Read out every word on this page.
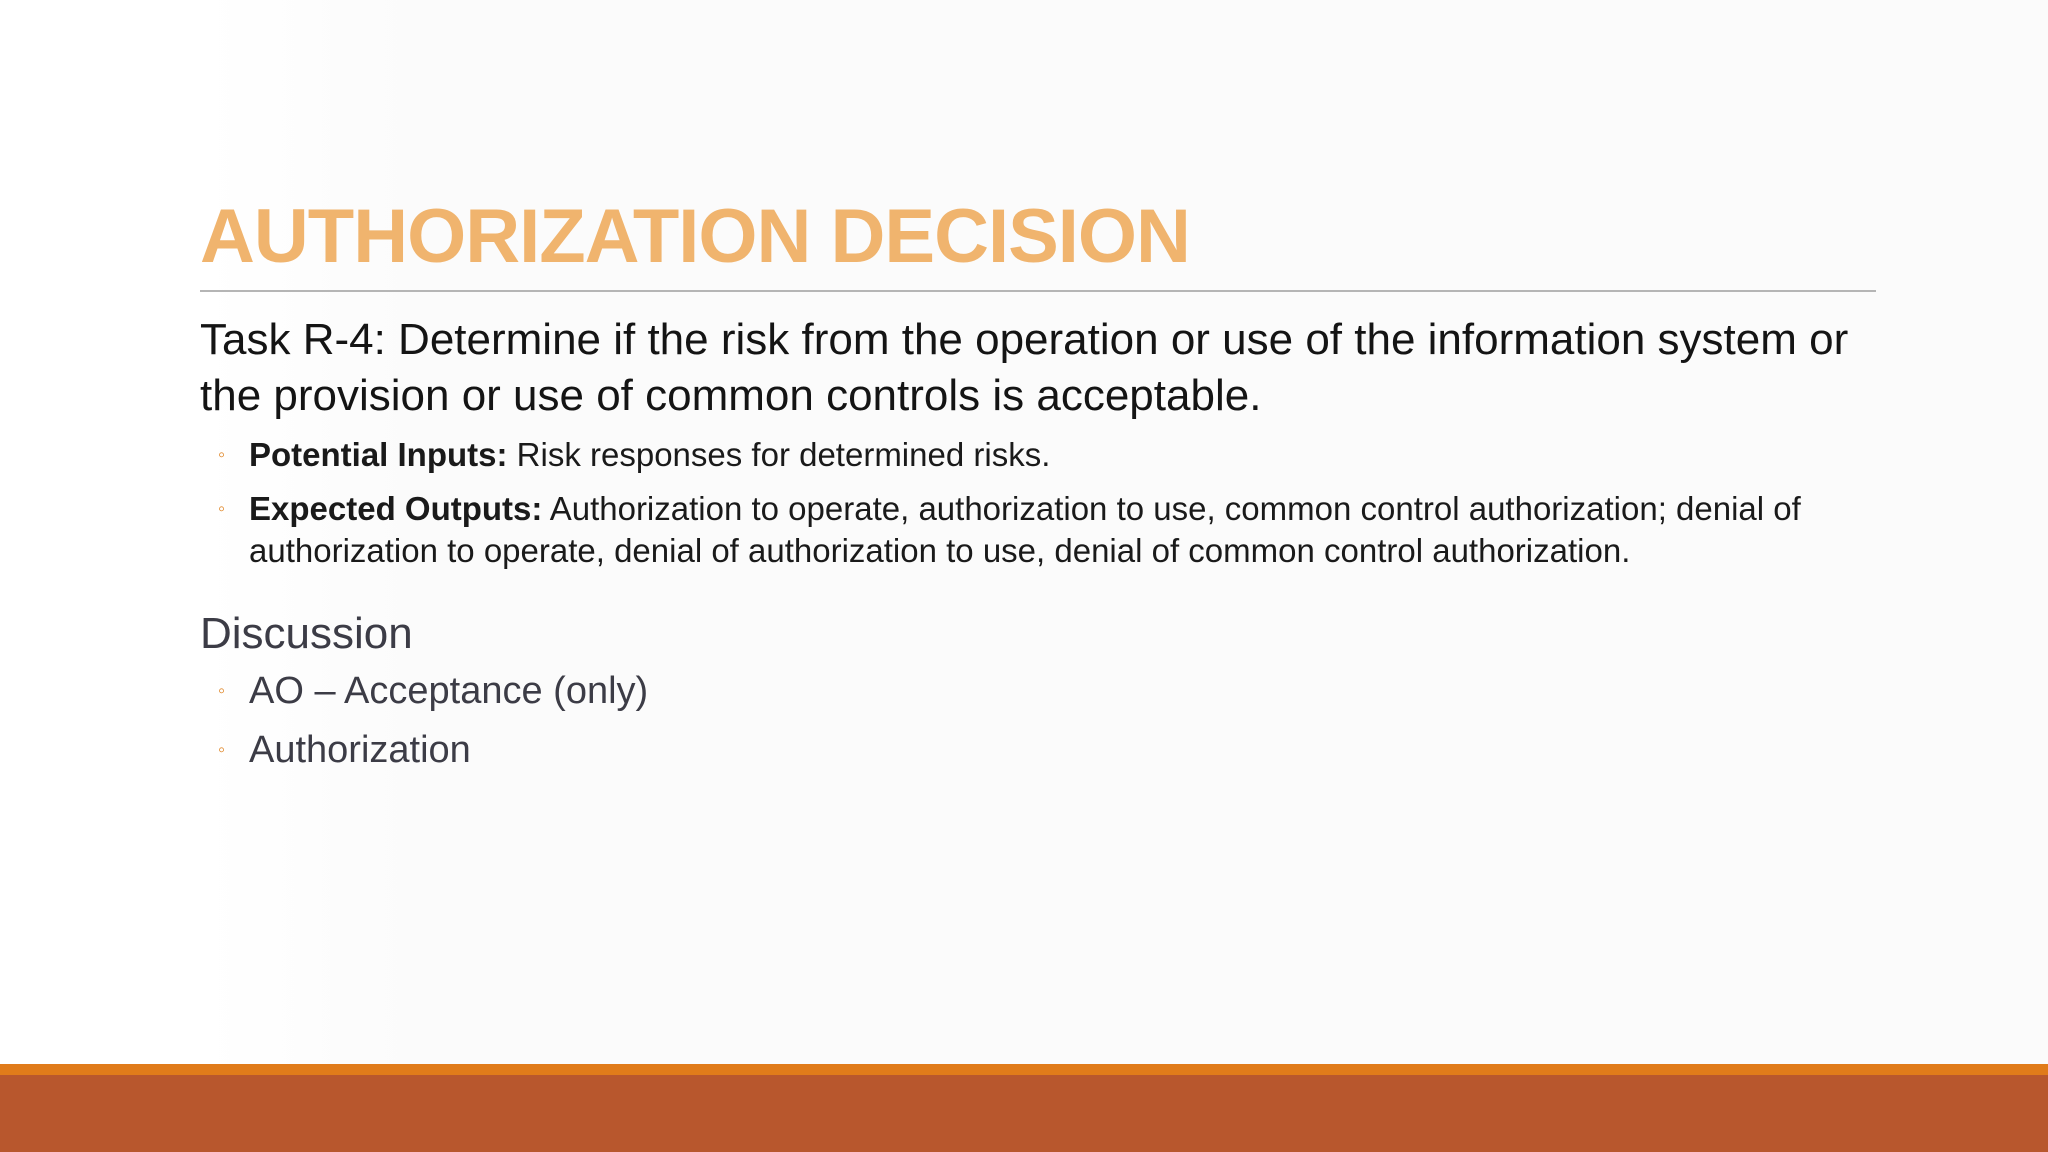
AUTHORIZATION DECISION

Task R-4: Determine if the risk from the operation or use of the information system or the provision or use of common controls is acceptable.

◦ Potential Inputs: Risk responses for determined risks.
◦ Expected Outputs: Authorization to operate, authorization to use, common control authorization; denial of authorization to operate, denial of authorization to use, denial of common control authorization.

Discussion

◦ AO – Acceptance (only)
◦ Authorization
